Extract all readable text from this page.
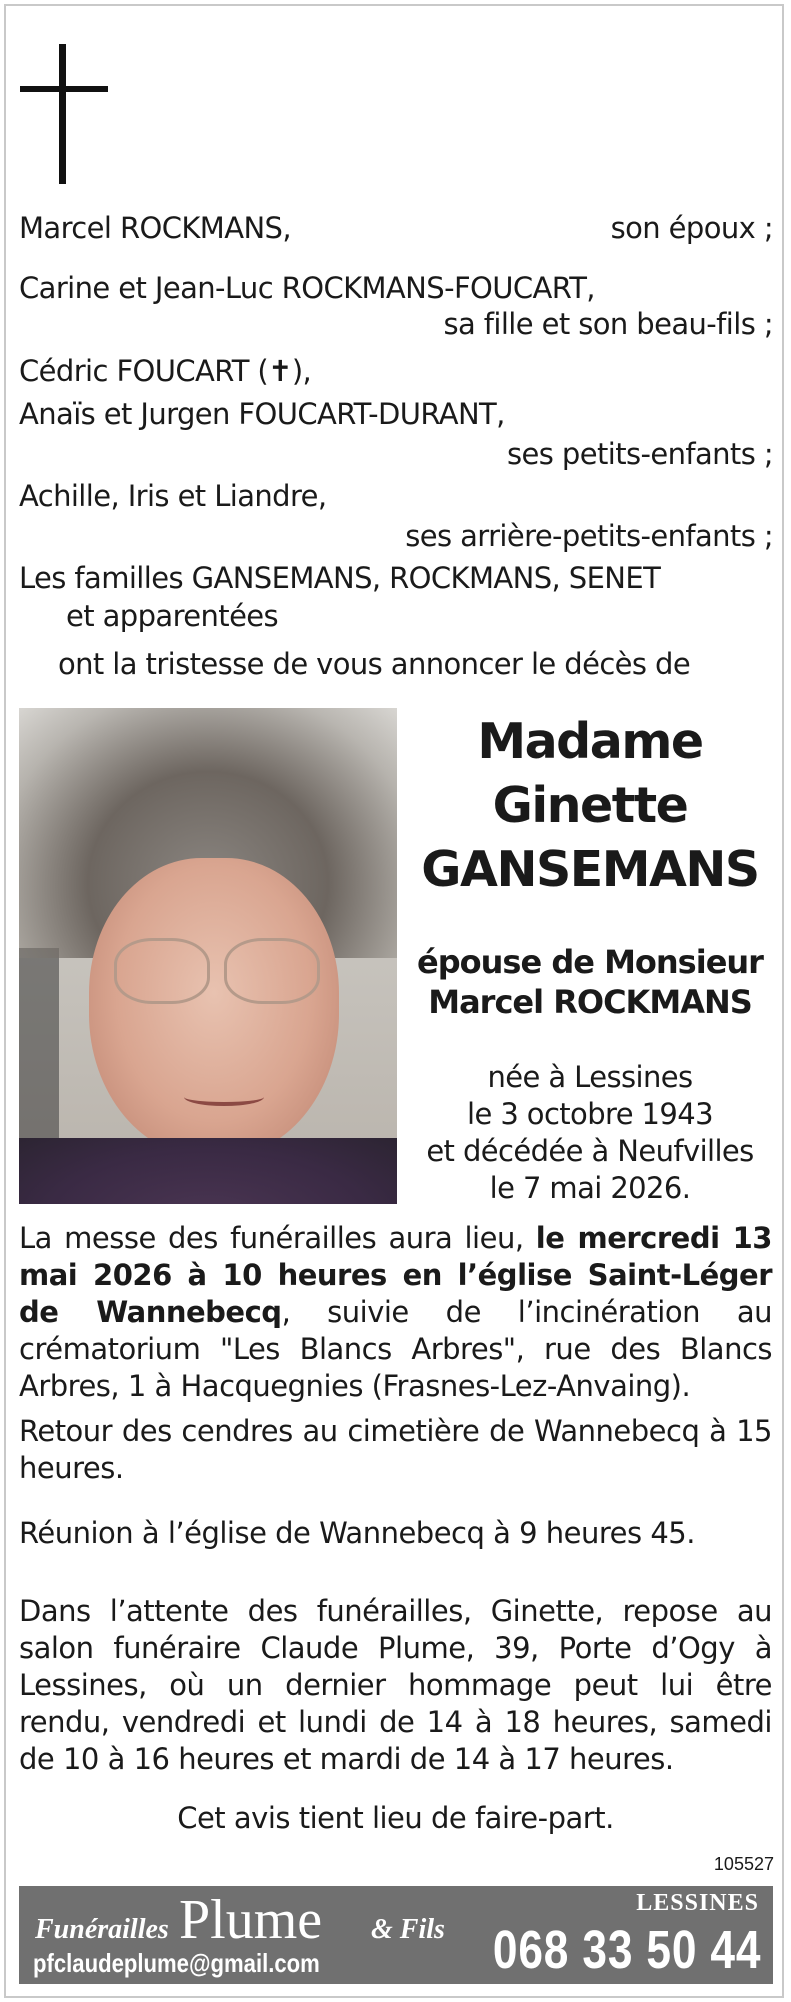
Marcel ROCKMANS,	son époux ;
Carine et Jean-Luc ROCKMANS-FOUCART,
sa fille et son beau-fils ;
Cédric FOUCART (✝),
Anaïs et Jurgen FOUCART-DURANT,
ses petits-enfants ;
Achille, Iris et Liandre,
ses arrière-petits-enfants ;
Les familles GANSEMANS, ROCKMANS, SENET
et apparentées
ont la tristesse de vous annoncer le décès de
Madame
Ginette
GANSEMANS
épouse de Monsieur
Marcel ROCKMANS
née à Lessines
le 3 octobre 1943
et décédée à Neufvilles
le 7 mai 2026.
La messe des funérailles aura lieu, le mercredi 13 mai 2026 à 10 heures en l’église Saint-Léger de Wannebecq, suivie de l’incinération au crématorium "Les Blancs Arbres", rue des Blancs Arbres, 1 à Hacquegnies (Frasnes-Lez-Anvaing).
Retour des cendres au cimetière de Wannebecq à 15 heures.
Réunion à l’église de Wannebecq à 9 heures 45.
Dans l’attente des funérailles, Ginette, repose au salon funéraire Claude Plume, 39, Porte d’Ogy à Lessines, où un dernier hommage peut lui être rendu, vendredi et lundi de 14 à 18 heures, samedi de 10 à 16 heures et mardi de 14 à 17 heures.
Cet avis tient lieu de faire-part.
105527
Funérailles Plume & Fils
pfclaudeplume@gmail.com
LESSINES
068 33 50 44
